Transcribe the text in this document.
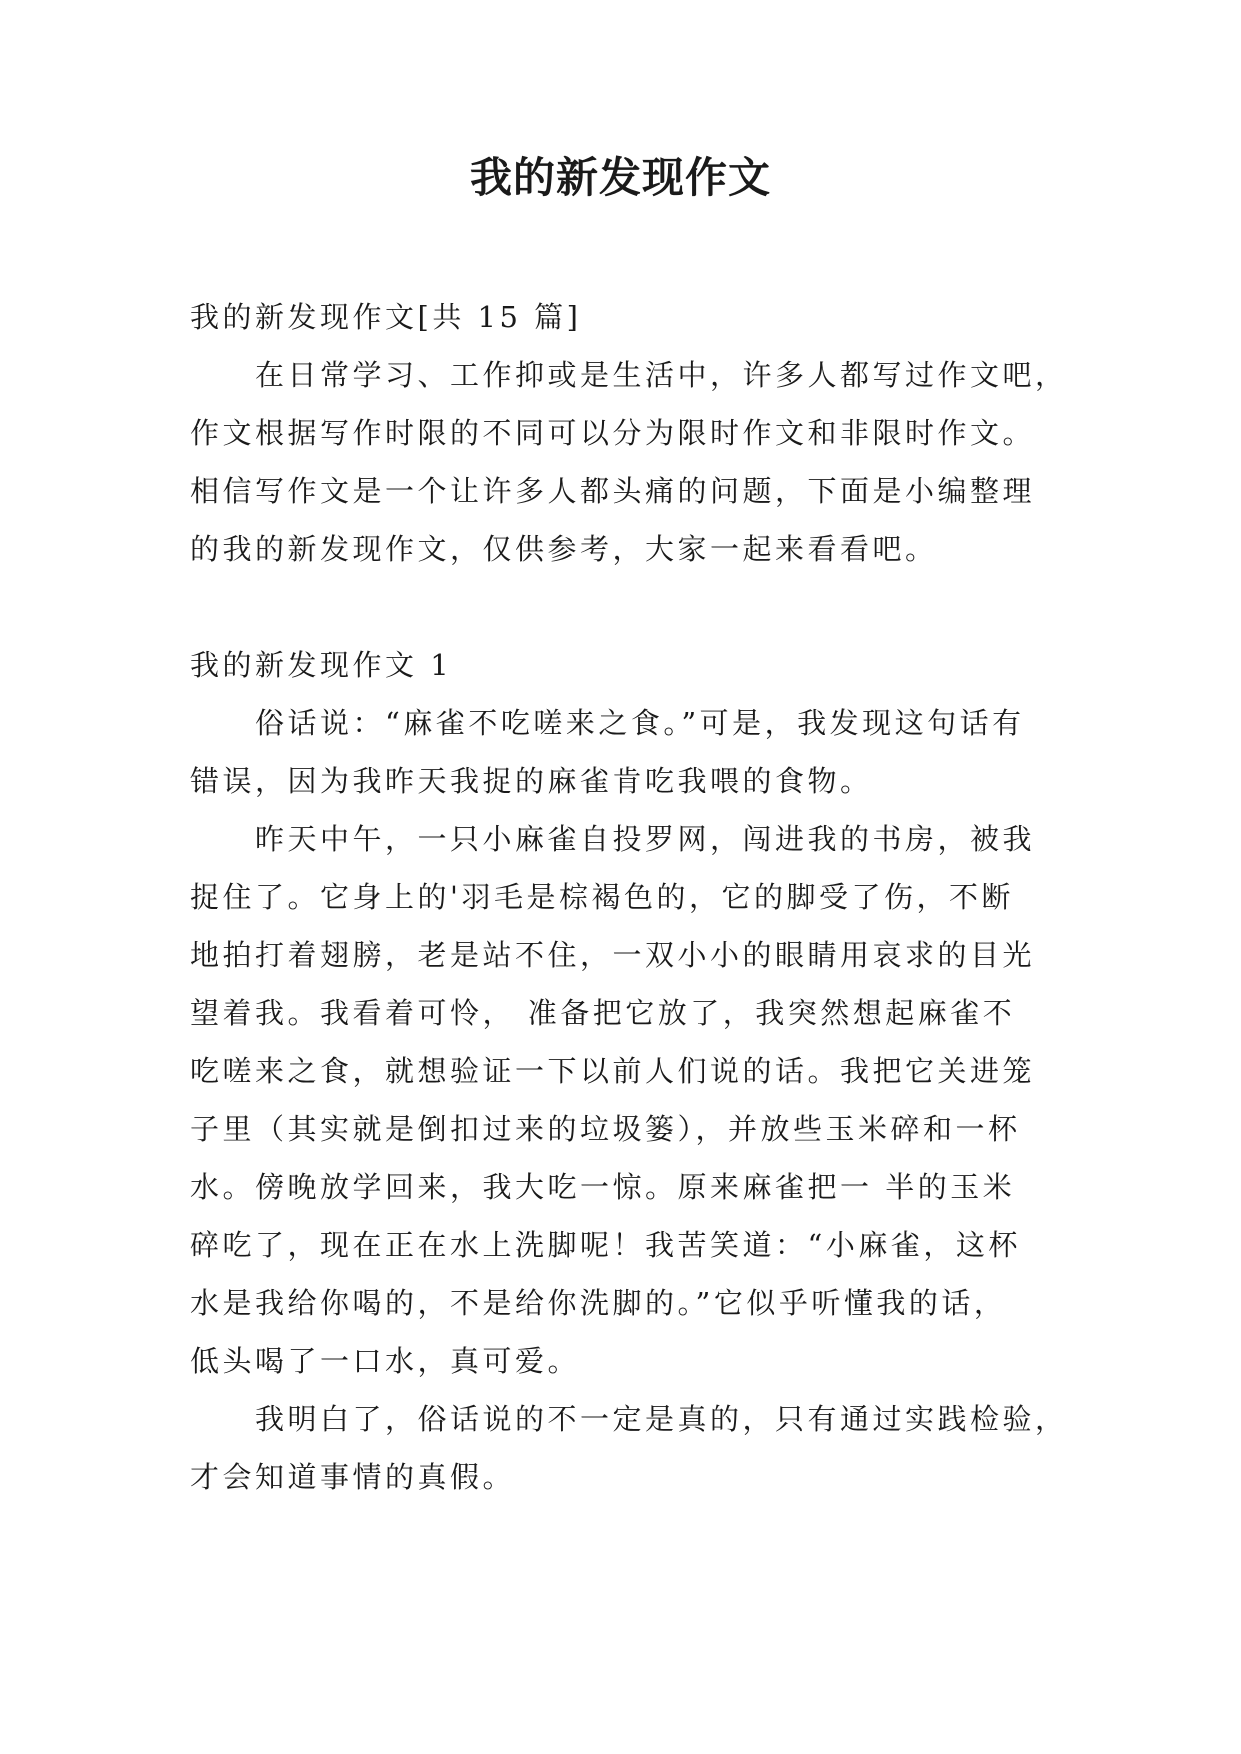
我的新发现作文
我的新发现作文[共 15 篇]
　　在日常学习、工作抑或是生活中，许多人都写过作文吧，
作文根据写作时限的不同可以分为限时作文和非限时作文。
相信写作文是一个让许多人都头痛的问题，下面是小编整理
的我的新发现作文，仅供参考，大家一起来看看吧。
我的新发现作文 1
　　俗话说：“麻雀不吃嗟来之食。”可是，我发现这句话有
错误，因为我昨天我捉的麻雀肯吃我喂的食物。
　　昨天中午，一只小麻雀自投罗网，闯进我的书房，被我
捉住了。它身上的'羽毛是棕褐色的，它的脚受了伤，不断
地拍打着翅膀，老是站不住，一双小小的眼睛用哀求的目光
望着我。我看着可怜， 准备把它放了，我突然想起麻雀不
吃嗟来之食，就想验证一下以前人们说的话。我把它关进笼
子里（其实就是倒扣过来的垃圾篓），并放些玉米碎和一杯
水。傍晚放学回来，我大吃一惊。原来麻雀把一 半的玉米
碎吃了，现在正在水上洗脚呢！我苦笑道：“小麻雀，这杯
水是我给你喝的，不是给你洗脚的。”它似乎听懂我的话，
低头喝了一口水，真可爱。
　　我明白了，俗话说的不一定是真的，只有通过实践检验，
才会知道事情的真假。
